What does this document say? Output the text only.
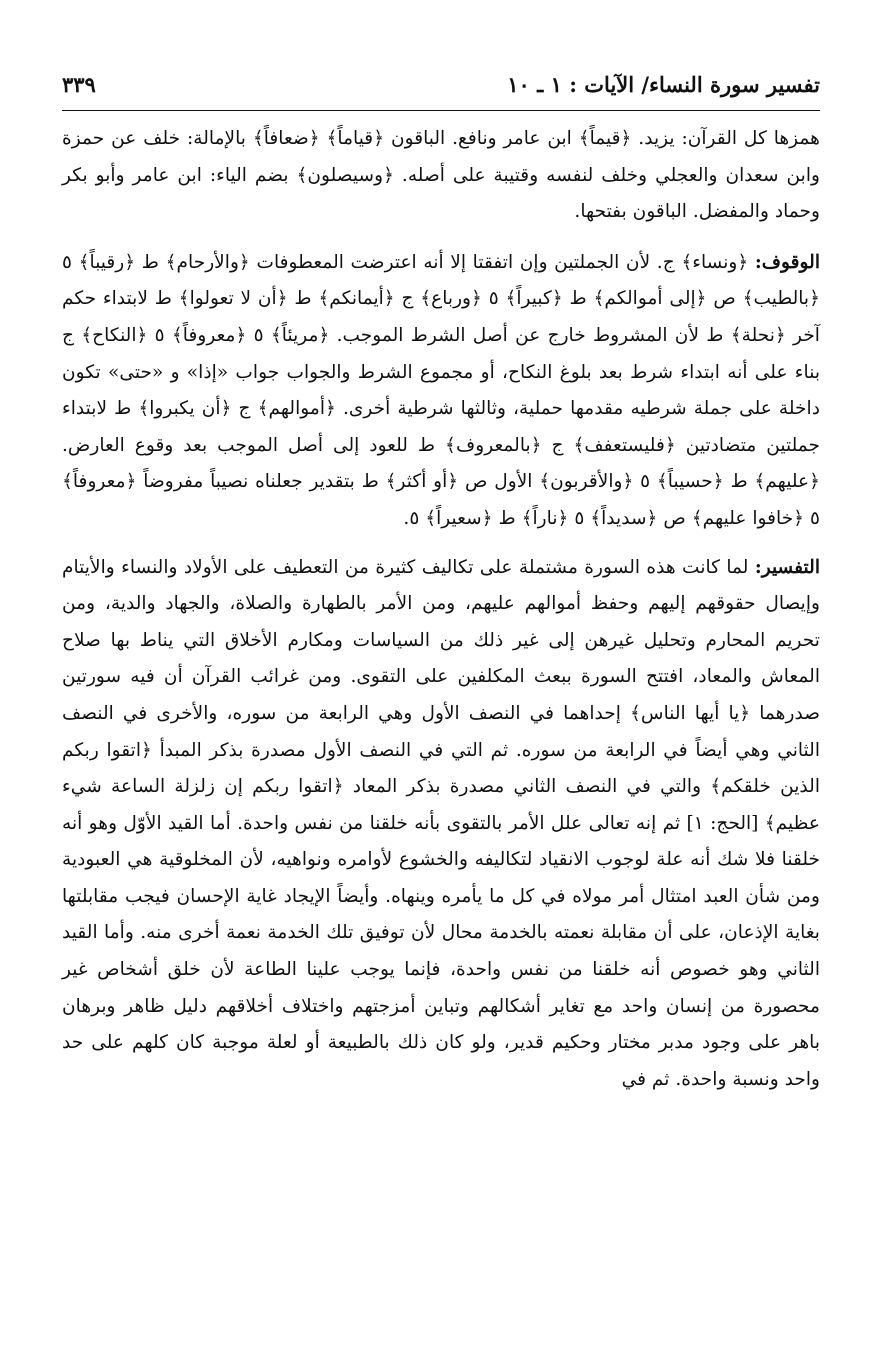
تفسير سورة النساء/ الآيات : ١ ـ ١٠
٣٣٩

همزها كل القرآن: يزيد. ﴿قيماً﴾ ابن عامر ونافع. الباقون ﴿قياماً﴾ ﴿ضعافاً﴾ بالإمالة: خلف عن حمزة وابن سعدان والعجلي وخلف لنفسه وقتيبة على أصله. ﴿وسيصلون﴾ بضم الياء: ابن عامر وأبو بكر وحماد والمفضل. الباقون بفتحها.

الوقوف: ﴿ونساء﴾ ج. لأن الجملتين وإن اتفقتا إلا أنه اعترضت المعطوفات ﴿والأرحام﴾ ط ﴿رقيباً﴾ ٥ ﴿بالطيب﴾ ص ﴿إلى أموالكم﴾ ط ﴿كبيراً﴾ ٥ ﴿ورباع﴾ ج ﴿أيمانكم﴾ ط ﴿أن لا تعولوا﴾ ط لابتداء حكم آخر ﴿نحلة﴾ ط لأن المشروط خارج عن أصل الشرط الموجب. ﴿مريئاً﴾ ٥ ﴿معروفاً﴾ ٥ ﴿النكاح﴾ ج بناء على أنه ابتداء شرط بعد بلوغ النكاح، أو مجموع الشرط والجواب جواب «إذا» و «حتى» تكون داخلة على جملة شرطيه مقدمها حملية، وثالثها شرطية أخرى. ﴿أموالهم﴾ ج ﴿أن يكبروا﴾ ط لابتداء جملتين متضادتين ﴿فليستعفف﴾ ج ﴿بالمعروف﴾ ط للعود إلى أصل الموجب بعد وقوع العارض. ﴿عليهم﴾ ط ﴿حسيباً﴾ ٥ ﴿والأقربون﴾ الأول ص ﴿أو أكثر﴾ ط بتقدير جعلناه نصيباً مفروضاً ﴿معروفاً﴾ ٥ ﴿خافوا عليهم﴾ ص ﴿سديداً﴾ ٥ ﴿ناراً﴾ ط ﴿سعيراً﴾ ٥.

التفسير: لما كانت هذه السورة مشتملة على تكاليف كثيرة من التعطيف على الأولاد والنساء والأيتام وإيصال حقوقهم إليهم وحفظ أموالهم عليهم، ومن الأمر بالطهارة والصلاة، والجهاد والدية، ومن تحريم المحارم وتحليل غيرهن إلى غير ذلك من السياسات ومكارم الأخلاق التي يناط بها صلاح المعاش والمعاد، افتتح السورة ببعث المكلفين على التقوى. ومن غرائب القرآن أن فيه سورتين صدرهما ﴿يا أيها الناس﴾ إحداهما في النصف الأول وهي الرابعة من سوره، والأخرى في النصف الثاني وهي أيضاً في الرابعة من سوره. ثم التي في النصف الأول مصدرة بذكر المبدأ ﴿اتقوا ربكم الذين خلقكم﴾ والتي في النصف الثاني مصدرة بذكر المعاد ﴿اتقوا ربكم إن زلزلة الساعة شيء عظيم﴾ [الحج: ١] ثم إنه تعالى علل الأمر بالتقوى بأنه خلقنا من نفس واحدة. أما القيد الأوّل وهو أنه خلقنا فلا شك أنه علة لوجوب الانقياد لتكاليفه والخشوع لأوامره ونواهيه، لأن المخلوقية هي العبودية ومن شأن العبد امتثال أمر مولاه في كل ما يأمره وينهاه. وأيضاً الإيجاد غاية الإحسان فيجب مقابلتها بغاية الإذعان، على أن مقابلة نعمته بالخدمة محال لأن توفيق تلك الخدمة نعمة أخرى منه. وأما القيد الثاني وهو خصوص أنه خلقنا من نفس واحدة، فإنما يوجب علينا الطاعة لأن خلق أشخاص غير محصورة من إنسان واحد مع تغاير أشكالهم وتباين أمزجتهم واختلاف أخلاقهم دليل ظاهر وبرهان باهر على وجود مدبر مختار وحكيم قدير، ولو كان ذلك بالطبيعة أو لعلة موجبة كان كلهم على حد واحد ونسبة واحدة. ثم في
